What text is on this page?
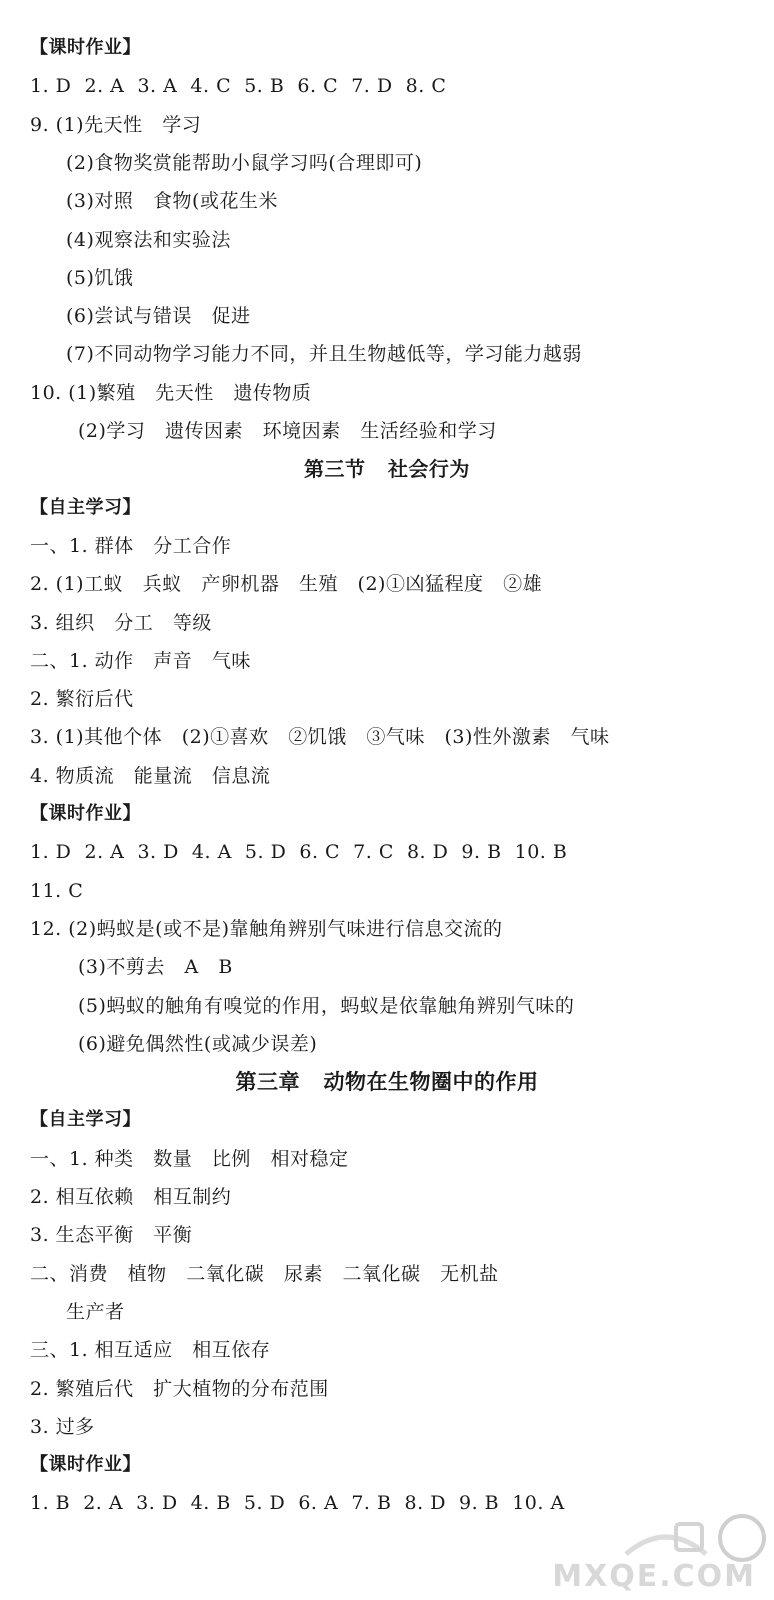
【课时作业】
1. D  2. A  3. A  4. C  5. B  6. C  7. D  8. C
9. (1)先天性   学习
(2)食物奖赏能帮助小鼠学习吗(合理即可)
(3)对照   食物(或花生米
(4)观察法和实验法
(5)饥饿
(6)尝试与错误   促进
(7)不同动物学习能力不同，并且生物越低等，学习能力越弱
10. (1)繁殖   先天性   遗传物质
(2)学习   遗传因素   环境因素   生活经验和学习
第三节   社会行为
【自主学习】
一、1. 群体   分工合作
2. (1)工蚁   兵蚁   产卵机器   生殖   (2)①凶猛程度   ②雄
3. 组织   分工   等级
二、1. 动作   声音   气味
2. 繁衍后代
3. (1)其他个体   (2)①喜欢   ②饥饿   ③气味   (3)性外激素   气味
4. 物质流   能量流   信息流
【课时作业】
1. D  2. A  3. D  4. A  5. D  6. C  7. C  8. D  9. B  10. B
11. C
12. (2)蚂蚁是(或不是)靠触角辨别气味进行信息交流的
(3)不剪去   A   B
(5)蚂蚁的触角有嗅觉的作用，蚂蚁是依靠触角辨别气味的
(6)避免偶然性(或减少误差)
第三章   动物在生物圈中的作用
【自主学习】
一、1. 种类   数量   比例   相对稳定
2. 相互依赖   相互制约
3. 生态平衡   平衡
二、消费   植物   二氧化碳   尿素   二氧化碳   无机盐
生产者
三、1. 相互适应   相互依存
2. 繁殖后代   扩大植物的分布范围
3. 过多
【课时作业】
1. B  2. A  3. D  4. B  5. D  6. A  7. B  8. D  9. B  10. A
MXQE.COM
